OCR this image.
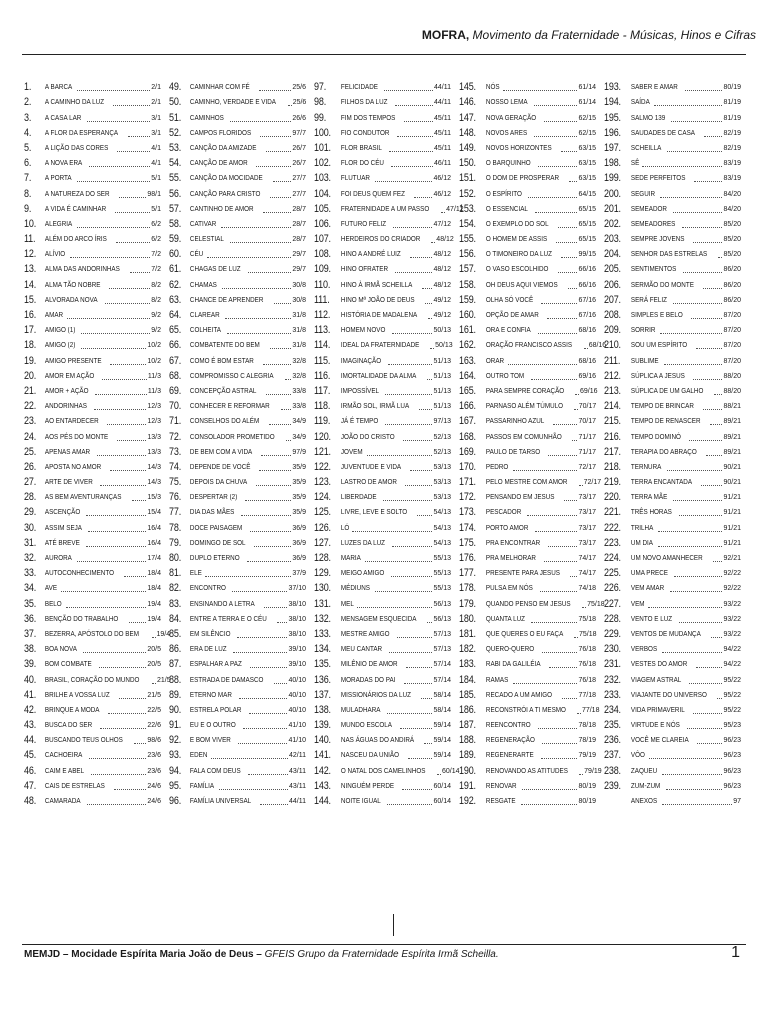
MOFRA, Movimento da Fraternidade - Músicas, Hinos e Cifras
1.	A BARCA	2/1
2.	A CAMINHO DA LUZ	2/1
3.	A CASA LAR	3/1
4.	A FLOR DA ESPERANÇA	3/1
5.	A LIÇÃO DAS CORES	4/1
6.	A NOVA ERA	4/1
7.	A PORTA	5/1
8.	A NATUREZA DO SER	98/1
9.	A VIDA É CAMINHAR	5/1
10.	ALEGRIA	6/2
11.	ALÉM DO ARCO ÍRIS	6/2
12.	ALÍVIO	7/2
13.	ALMA DAS ANDORINHAS	7/2
14.	ALMA TÃO NOBRE	8/2
15.	ALVORADA NOVA	8/2
16.	AMAR	9/2
17.	AMIGO (1)	9/2
18.	AMIGO (2)	10/2
19.	AMIGO PRESENTE	10/2
20.	AMOR EM AÇÃO	11/3
21.	AMOR + AÇÃO	11/3
22.	ANDORINHAS	12/3
23.	AO ENTARDECER	12/3
24.	AOS PÉS DO MONTE	13/3
25.	APENAS AMAR	13/3
26.	APOSTA NO AMOR	14/3
27.	ARTE DE VIVER	14/3
28.	AS BEM AVENTURANÇAS	15/3
29.	ASCENÇÃO	15/4
30.	ASSIM SEJA	16/4
31.	ATÉ BREVE	16/4
32.	AURORA	17/4
33.	AUTOCONHECIMENTO	18/4
34.	AVE	18/4
35.	BELO	19/4
36.	BENÇÃO DO TRABALHO	19/4
37.	BEZERRA, APÓSTOLO DO BEM	19/4
38.	BOA NOVA	20/5
39.	BOM COMBATE	20/5
40.	BRASIL, CORAÇÃO DO MUNDO	21/5
41.	BRILHE A VOSSA LUZ	21/5
42.	BRINQUE A MODA	22/5
43.	BUSCA DO SER	22/6
44.	BUSCANDO TEUS OLHOS	98/6
45.	CACHOEIRA	23/6
46.	CAIM E ABEL	23/6
47.	CAIS DE ESTRELAS	24/6
48.	CAMARADA	24/6
49.	CAMINHAR COM FÉ	25/6
50.	CAMINHO, VERDADE E VIDA 25/6
51.	CAMINHOS	26/6
52.	CAMPOS FLORIDOS	97/7
53.	CANÇÃO DA AMIZADE	26/7
54.	CANÇÃO DE AMOR	26/7
55.	CANÇÃO DA MOCIDADE	27/7
56.	CANÇÃO PARA CRISTO	27/7
57.	CANTINHO DE AMOR	28/7
58.	CATIVAR	28/7
59.	CELESTIAL	28/7
60.	CÉU	29/7
61.	CHAGAS DE LUZ	29/7
62.	CHAMAS	30/8
63.	CHANCE DE APRENDER	30/8
64.	CLAREAR	31/8
65.	COLHEITA	31/8
66.	COMBATENTE DO BEM	31/8
67.	COMO É BOM ESTAR	32/8
68.	COMPROMISSO C ALEGRIA	32/8
69.	CONCEPÇÃO ASTRAL	33/8
70.	CONHECER E REFORMAR	33/8
71.	CONSELHOS DO ALÉM	34/9
72.	CONSOLADOR PROMETIDO	34/9
73.	DE BEM COM A VIDA	97/9
74.	DEPENDE DE VOCÊ	35/9
75.	DEPOIS DA CHUVA	35/9
76.	DESPERTAR (2)	35/9
77.	DIA DAS MÃES	35/9
78.	DOCE PAISAGEM	36/9
79.	DOMINGO DE SOL	36/9
80.	DUPLO ETERNO	36/9
81.	ELE	37/9
82.	ENCONTRO	37/10
83.	ENSINANDO A LETRA	38/10
84.	ENTRE A TERRA E O CÉU	38/10
85.	EM SILÊNCIO	38/10
86.	ERA DE LUZ	39/10
87.	ESPALHAR A PAZ	39/10
88.	ESTRADA DE DAMASCO	40/10
89.	ETERNO MAR	40/10
90.	ESTRELA POLAR	40/10
91.	EU E O OUTRO	41/10
92.	E BOM VIVER	41/10
93.	EDEN	42/11
94.	FALA COM DEUS	43/11
95.	FAMÍLIA	43/11
96.	FAMÍLIA UNIVERSAL	44/11
97.	FELICIDADE	44/11
98.	FILHOS DA LUZ	44/11
99.	FIM DOS TEMPOS	45/11
100.	FIO CONDUTOR	45/11
101.	FLOR BRASIL	45/11
102.	FLOR DO CÉU	46/11
103.	FLUTUAR	46/12
104.	FOI DEUS QUEM FEZ	46/12
105.	FRATERNIDADE A UM PASSO 47/12
106.	FUTURO FELIZ	47/12
107.	HERDEIROS DO CRIADOR 48/12
108.	HINO A ANDRÉ LUIZ	48/12
109.	HINO OFRATER	48/12
110.	HINO À IRMÃ SCHEILLA	48/12
111.	HINO Mª JOÃO DE DEUS	49/12
112.	HISTÓRIA DE MADALENA 49/12
113.	HOMEM NOVO	50/13
114.	IDEAL DA FRATERNIDADE 50/13
115.	IMAGINAÇÃO	51/13
116.	IMORTALIDADE DA ALMA 51/13
117.	IMPOSSÍVEL	51/13
118.	IRMÃO SOL, IRMÃ LUA	51/13
119.	JÁ É TEMPO	97/13
120.	JOÃO DO CRISTO	52/13
121.	JOVEM	52/13
122.	JUVENTUDE E VIDA	53/13
123.	LASTRO DE AMOR	53/13
124.	LIBERDADE	53/13
125.	LIVRE, LEVE E SOLTO	54/13
126.	LÓ	54/13
127.	LUZES DA LUZ	54/13
128.	MARIA	55/13
129.	MEIGO AMIGO	55/13
130.	MÉDIUNS	55/13
131.	MEL	56/13
132.	MENSAGEM ESQUECIDA 56/13
133.	MESTRE AMIGO	57/13
134.	MEU CANTAR	57/13
135.	MILÊNIO DE AMOR	57/14
136.	MORADAS DO PAI	57/14
137.	MISSIONÁRIOS DA LUZ	58/14
138.	MULADHARA	58/14
139.	MUNDO ESCOLA	59/14
140.	NAS ÁGUAS DO ANDIRÁ	59/14
141.	NASCEU DA UNIÃO	59/14
142.	O NATAL DOS CAMELINHOS 60/14
143.	NINGUÉM PERDE	60/14
144.	NOITE IGUAL	60/14
145.	NÓS	61/14
146.	NOSSO LEMA	61/14
147.	NOVA GERAÇÃO	62/15
148.	NOVOS ARES	62/15
149.	NOVOS HORIZONTES	63/15
150.	O BARQUINHO	63/15
151.	O DOM DE PROSPERAR	63/15
152.	O ESPÍRITO	64/15
153.	O ESSENCIAL	65/15
154.	O EXEMPLO DO SOL	65/15
155.	O HOMEM DE ASSIS	65/15
156.	O TIMONEIRO DA LUZ	99/15
157.	O VASO ESCOLHIDO	66/16
158.	OH DEUS AQUI VIEMOS	66/16
159.	OLHA SÓ VOCÊ	67/16
160.	OPÇÃO DE AMAR	67/16
161.	ORA E CONFIA	68/16
162.	ORAÇÃO FRANCISCO ASSIS 68/16
163.	ORAR	68/16
164.	OUTRO TOM	69/16
165.	PARA SEMPRE CORAÇÃO 69/16
166.	PARNASO ALÉM TÚMULO 70/17
167.	PASSARINHO AZUL	70/17
168.	PASSOS EM COMUNHÃO 71/17
169.	PAULO DE TARSO	71/17
170.	PEDRO	72/17
171.	PELO MESTRE COM AMOR 72/17
172.	PENSANDO EM JESUS	73/17
173.	PESCADOR	73/17
174.	PORTO AMOR	73/17
175.	PRA ENCONTRAR	73/17
176.	PRA MELHORAR	74/17
177.	PRESENTE PARA JESUS	74/17
178.	PULSA EM NÓS	74/18
179.	QUANDO PENSO EM JESUS 75/18
180.	QUANTA LUZ	75/18
181.	QUE QUERES O EU FAÇA 75/18
182.	QUERO-QUERO	76/18
183.	RABI DA GALILÉIA	76/18
184.	RAMAS	76/18
185.	RECADO A UM AMIGO	77/18
186.	RECONSTRÓI A TI MESMO 77/18
187.	REENCONTRO	78/18
188.	REGENERAÇÃO	78/19
189.	REGENERARTE	79/19
190.	RENOVANDO AS ATITUDES 79/19
191.	RENOVAR	80/19
192.	RESGATE	80/19
193.	SABER E AMAR	80/19
194.	SAÍDA	81/19
195.	SALMO 139	81/19
196.	SAUDADES DE CASA	82/19
197.	SCHEILLA	82/19
198.	SÊ	83/19
199.	SEDE PERFEITOS	83/19
200.	SEGUIR	84/20
201.	SEMEADOR	84/20
202.	SEMEADORES	85/20
203.	SEMPRE JOVENS	85/20
204.	SENHOR DAS ESTRELAS 85/20
205.	SENTIMENTOS	86/20
206.	SERMÃO DO MONTE	86/20
207.	SERÁ FELIZ	86/20
208.	SIMPLES E BELO	87/20
209.	SORRIR	87/20
210.	SOU UM ESPÍRITO	87/20
211.	SUBLIME	87/20
212.	SÚPLICA A JESUS	88/20
213.	SÚPLICA DE UM GALHO	88/20
214.	TEMPO DE BRINCAR	88/21
215.	TEMPO DE RENASCER	89/21
216.	TEMPO DOMINÓ	89/21
217.	TERAPIA DO ABRAÇO	89/21
218.	TERNURA	90/21
219.	TERRA ENCANTADA	90/21
220.	TERRA MÃE	91/21
221.	TRÊS HORAS	91/21
222.	TRILHA	91/21
223.	UM DIA	91/21
224.	UM NOVO AMANHECER	92/21
225.	UMA PRECE	92/22
226.	VEM AMAR	92/22
227.	VEM	93/22
228.	VENTO E LUZ	93/22
229.	VENTOS DE MUDANÇA	93/22
230.	VERBOS	94/22
231.	VESTES DO AMOR	94/22
232.	VIAGEM ASTRAL	95/22
233.	VIAJANTE DO UNIVERSO 95/22
234.	VIDA PRIMAVERIL	95/22
235.	VIRTUDE E NÓS	95/23
236.	VOCÊ ME CLAREIA	96/23
237.	VÔO	96/23
238.	ZAQUEU	96/23
239.	ZUM-ZUM	96/23
ANEXOS	97
MEMJD – Mocidade Espírita Maria João de Deus – GFEIS Grupo da Fraternidade Espírita Irmã Scheilla.	1
